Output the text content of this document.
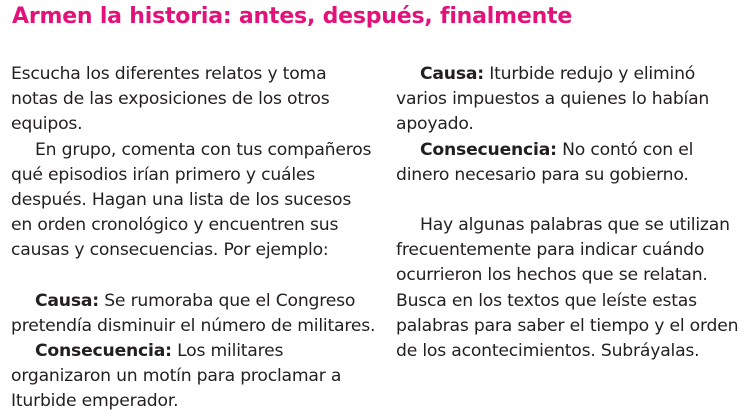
Armen la historia: antes, después, finalmente

Escucha los diferentes relatos y toma notas de las exposiciones de los otros equipos.

En grupo, comenta con tus compañeros qué episodios irían primero y cuáles después. Hagan una lista de los sucesos en orden cronológico y encuentren sus causas y consecuencias. Por ejemplo:

Causa: Se rumoraba que el Congreso pretendía disminuir el número de militares.

Consecuencia: Los militares organizaron un motín para proclamar a Iturbide emperador.

Causa: Iturbide redujo y eliminó varios impuestos a quienes lo habían apoyado.

Consecuencia: No contó con el dinero necesario para su gobierno.

Hay algunas palabras que se utilizan frecuentemente para indicar cuándo ocurrieron los hechos que se relatan. Busca en los textos que leíste estas palabras para saber el tiempo y el orden de los acontecimientos. Subráyalas.
